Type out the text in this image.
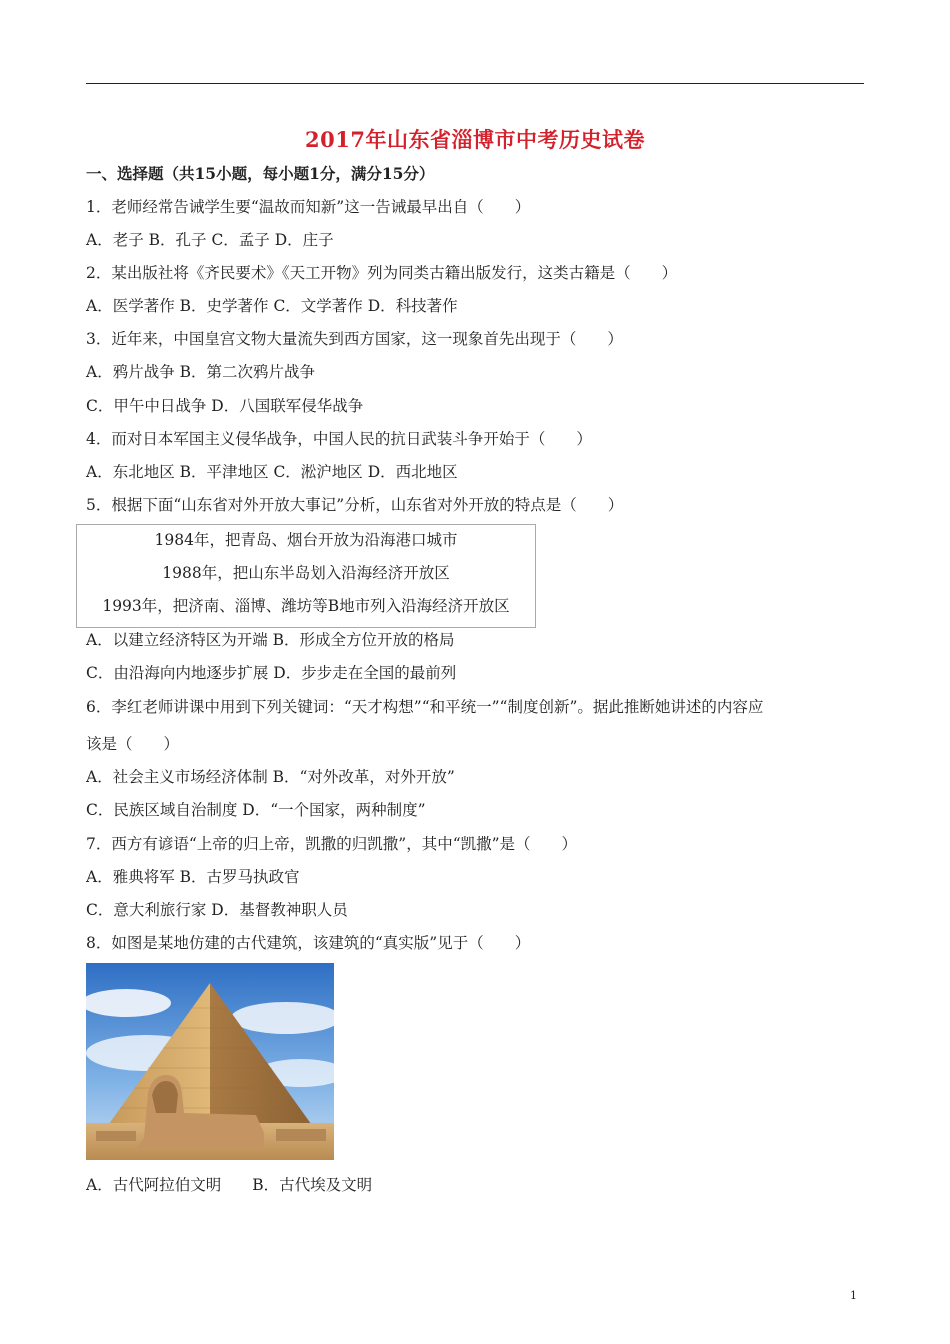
2017年山东省淄博市中考历史试卷
一、选择题（共15小题，每小题1分，满分15分）
1．老师经常告诫学生要“温故而知新”这一告诫最早出自（　　）
A．老子 B．孔子 C．孟子 D．庄子
2．某出版社将《齐民要术》《天工开物》列为同类古籍出版发行，这类古籍是（　　）
A．医学著作 B．史学著作 C．文学著作 D．科技著作
3．近年来，中国皇宫文物大量流失到西方国家，这一现象首先出现于（　　）
A．鸦片战争 B．第二次鸦片战争
C．甲午中日战争 D．八国联军侵华战争
4．而对日本军国主义侵华战争，中国人民的抗日武装斗争开始于（　　）
A．东北地区 B．平津地区 C．淞沪地区 D．西北地区
5．根据下面“山东省对外开放大事记”分析，山东省对外开放的特点是（　　）
1984年，把青岛、烟台开放为沿海港口城市
1988年，把山东半岛划入沿海经济开放区
1993年，把济南、淄博、潍坊等B地市列入沿海经济开放区
A．以建立经济特区为开端 B．形成全方位开放的格局
C．由沿海向内地逐步扩展 D．步步走在全国的最前列
6．李红老师讲课中用到下列关键词：“天才构想”“和平统一”“制度创新”。据此推断她讲述的内容应
该是（　　）
A．社会主义市场经济体制 B．“对外改革，对外开放”
C．民族区域自治制度 D．“一个国家，两种制度”
7．西方有谚语“上帝的归上帝，凯撒的归凯撒”，其中“凯撒”是（　　）
A．雅典将军 B．古罗马执政官
C．意大利旅行家 D．基督教神职人员
8．如图是某地仿建的古代建筑，该建筑的“真实版”见于（　　）
A．古代阿拉伯文明　　B．古代埃及文明
1
